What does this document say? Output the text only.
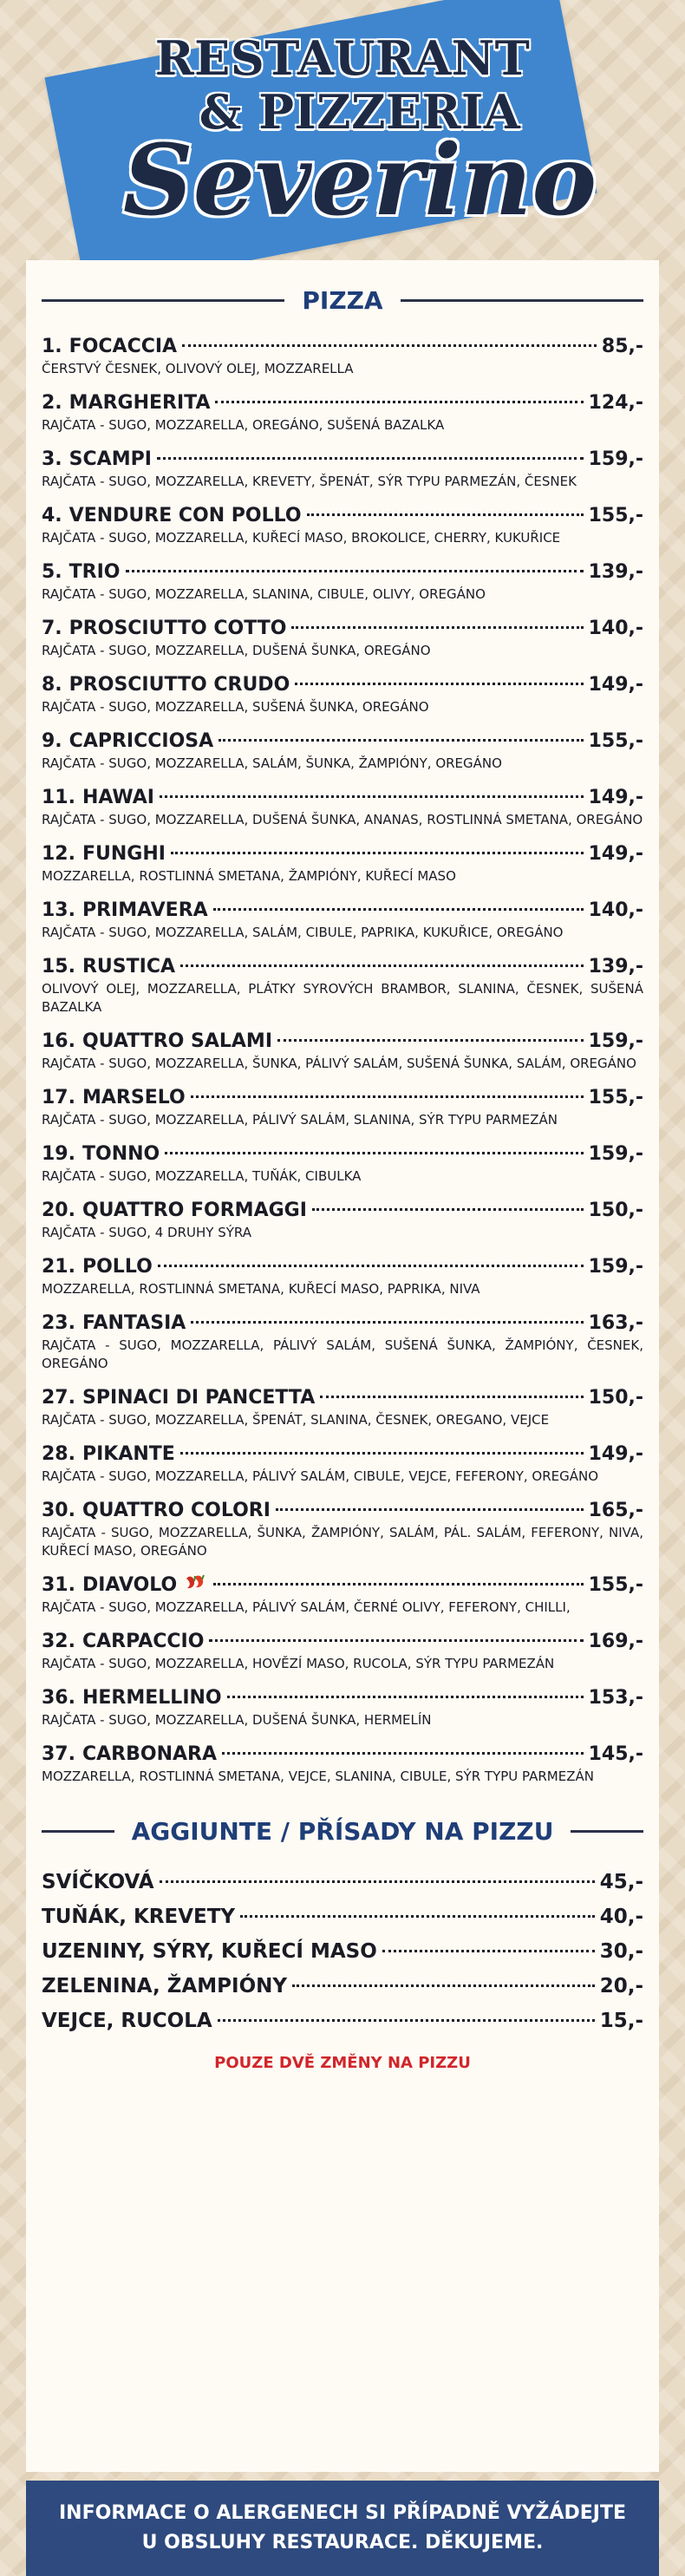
RESTAURANT
& PIZZERIA
Severino
PIZZA
1. FOCACCIA	85,-
ČERSTVÝ ČESNEK, OLIVOVÝ OLEJ, MOZZARELLA
2. MARGHERITA	124,-
RAJČATA - SUGO, MOZZARELLA, OREGÁNO, SUŠENÁ BAZALKA
3. SCAMPI	159,-
RAJČATA - SUGO, MOZZARELLA, KREVETY, ŠPENÁT, SÝR TYPU PARMEZÁN, ČESNEK
4. VENDURE CON POLLO	155,-
RAJČATA - SUGO, MOZZARELLA, KUŘECÍ MASO, BROKOLICE, CHERRY, KUKUŘICE
5. TRIO	139,-
RAJČATA - SUGO, MOZZARELLA, SLANINA, CIBULE, OLIVY, OREGÁNO
7. PROSCIUTTO COTTO	140,-
RAJČATA - SUGO, MOZZARELLA, DUŠENÁ ŠUNKA, OREGÁNO
8. PROSCIUTTO CRUDO	149,-
RAJČATA - SUGO, MOZZARELLA, SUŠENÁ ŠUNKA, OREGÁNO
9. CAPRICCIOSA	155,-
RAJČATA - SUGO, MOZZARELLA, SALÁM, ŠUNKA, ŽAMPIÓNY, OREGÁNO
11. HAWAI	149,-
RAJČATA - SUGO, MOZZARELLA, DUŠENÁ ŠUNKA, ANANAS, ROSTLINNÁ SMETANA, OREGÁNO
12. FUNGHI	149,-
MOZZARELLA, ROSTLINNÁ SMETANA, ŽAMPIÓNY, KUŘECÍ MASO
13. PRIMAVERA	140,-
RAJČATA - SUGO, MOZZARELLA, SALÁM, CIBULE, PAPRIKA, KUKUŘICE, OREGÁNO
15. RUSTICA	139,-
OLIVOVÝ OLEJ, MOZZARELLA, PLÁTKY SYROVÝCH BRAMBOR, SLANINA, ČESNEK, SUŠENÁ BAZALKA
16. QUATTRO SALAMI	159,-
RAJČATA - SUGO, MOZZARELLA, ŠUNKA, PÁLIVÝ SALÁM, SUŠENÁ ŠUNKA, SALÁM, OREGÁNO
17. MARSELO	155,-
RAJČATA - SUGO, MOZZARELLA, PÁLIVÝ SALÁM, SLANINA, SÝR TYPU PARMEZÁN
19. TONNO	159,-
RAJČATA - SUGO, MOZZARELLA, TUŇÁK, CIBULKA
20. QUATTRO FORMAGGI	150,-
RAJČATA - SUGO, 4 DRUHY SÝRA
21. POLLO	159,-
MOZZARELLA, ROSTLINNÁ SMETANA, KUŘECÍ MASO, PAPRIKA, NIVA
23. FANTASIA	163,-
RAJČATA - SUGO, MOZZARELLA, PÁLIVÝ SALÁM, SUŠENÁ ŠUNKA, ŽAMPIÓNY, ČESNEK, OREGÁNO
27. SPINACI DI PANCETTA	150,-
RAJČATA - SUGO, MOZZARELLA, ŠPENÁT, SLANINA, ČESNEK, OREGANO, VEJCE
28. PIKANTE	149,-
RAJČATA - SUGO, MOZZARELLA, PÁLIVÝ SALÁM, CIBULE, VEJCE, FEFERONY, OREGÁNO
30. QUATTRO COLORI	165,-
RAJČATA - SUGO, MOZZARELLA, ŠUNKA, ŽAMPIÓNY, SALÁM, PÁL. SALÁM, FEFERONY, NIVA, KUŘECÍ MASO, OREGÁNO
31. DIAVOLO	155,-
RAJČATA - SUGO, MOZZARELLA, PÁLIVÝ SALÁM, ČERNÉ OLIVY, FEFERONY, CHILLI,
32. CARPACCIO	169,-
RAJČATA - SUGO, MOZZARELLA, HOVĚZÍ MASO, RUCOLA, SÝR TYPU PARMEZÁN
36. HERMELLINO	153,-
RAJČATA - SUGO, MOZZARELLA, DUŠENÁ ŠUNKA, HERMELÍN
37. CARBONARA	145,-
MOZZARELLA, ROSTLINNÁ SMETANA, VEJCE, SLANINA, CIBULE, SÝR TYPU PARMEZÁN
AGGIUNTE / PŘÍSADY NA PIZZU
SVÍČKOVÁ	45,-
TUŇÁK, KREVETY	40,-
UZENINY, SÝRY, KUŘECÍ MASO	30,-
ZELENINA, ŽAMPIÓNY	20,-
VEJCE, RUCOLA	15,-
POUZE DVĚ ZMĚNY NA PIZZU
INFORMACE O ALERGENECH SI PŘÍPADNĚ VYŽÁDEJTE U OBSLUHY RESTAURACE. DĚKUJEME.
